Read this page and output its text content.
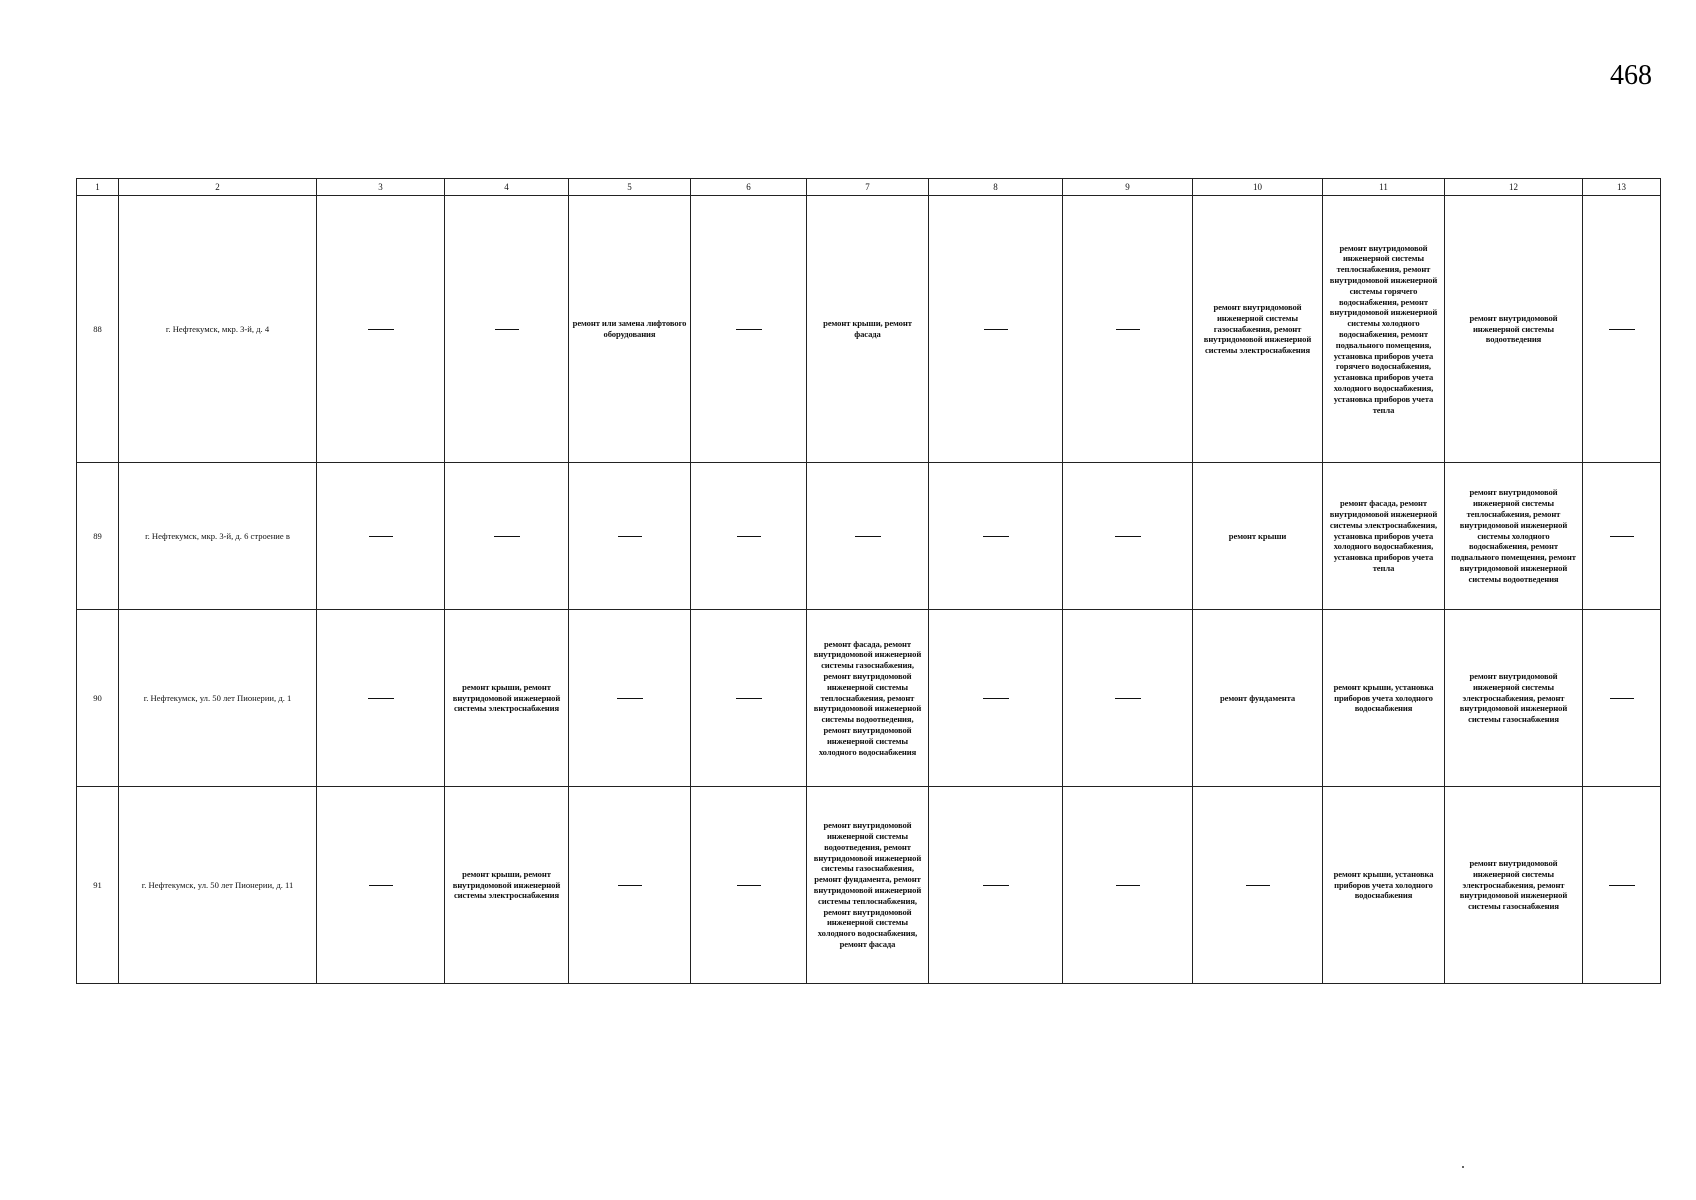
468
1	2	3	4	5	6	7	8	9	10	11	12	13
88	г. Нефтекумск, мкр. 3-й, д. 4			ремонт или замена лифтового оборудования		ремонт крыши, ремонт фасада			ремонт внутридомовой инженерной системы газоснабжения, ремонт внутридомовой инженерной системы электроснабжения	ремонт внутридомовой инженерной системы теплоснабжения, ремонт внутридомовой инженерной системы горячего водоснабжения, ремонт внутридомовой инженерной системы холодного водоснабжения, ремонт подвального помещения, установка приборов учета горячего водоснабжения, установка приборов учета холодного водоснабжения, установка приборов учета тепла	ремонт внутридомовой инженерной системы водоотведения	
89	г. Нефтекумск, мкр. 3-й, д. 6 строение в								ремонт крыши	ремонт фасада, ремонт внутридомовой инженерной системы электроснабжения, установка приборов учета холодного водоснабжения, установка приборов учета тепла	ремонт внутридомовой инженерной системы теплоснабжения, ремонт внутридомовой инженерной системы холодного водоснабжения, ремонт подвального помещения, ремонт внутридомовой инженерной системы водоотведения	
90	г. Нефтекумск, ул. 50 лет Пионерии, д. 1		ремонт крыши, ремонт внутридомовой инженерной системы электроснабжения			ремонт фасада, ремонт внутридомовой инженерной системы газоснабжения, ремонт внутридомовой инженерной системы теплоснабжения, ремонт внутридомовой инженерной системы водоотведения, ремонт внутридомовой инженерной системы холодного водоснабжения			ремонт фундамента	ремонт крыши, установка приборов учета холодного водоснабжения	ремонт внутридомовой инженерной системы электроснабжения, ремонт внутридомовой инженерной системы газоснабжения	
91	г. Нефтекумск, ул. 50 лет Пионерии, д. 11		ремонт крыши, ремонт внутридомовой инженерной системы электроснабжения			ремонт внутридомовой инженерной системы водоотведения, ремонт внутридомовой инженерной системы газоснабжения, ремонт фундамента, ремонт внутридомовой инженерной системы теплоснабжения, ремонт внутридомовой инженерной системы холодного водоснабжения, ремонт фасада				ремонт крыши, установка приборов учета холодного водоснабжения	ремонт внутридомовой инженерной системы электроснабжения, ремонт внутридомовой инженерной системы газоснабжения	
